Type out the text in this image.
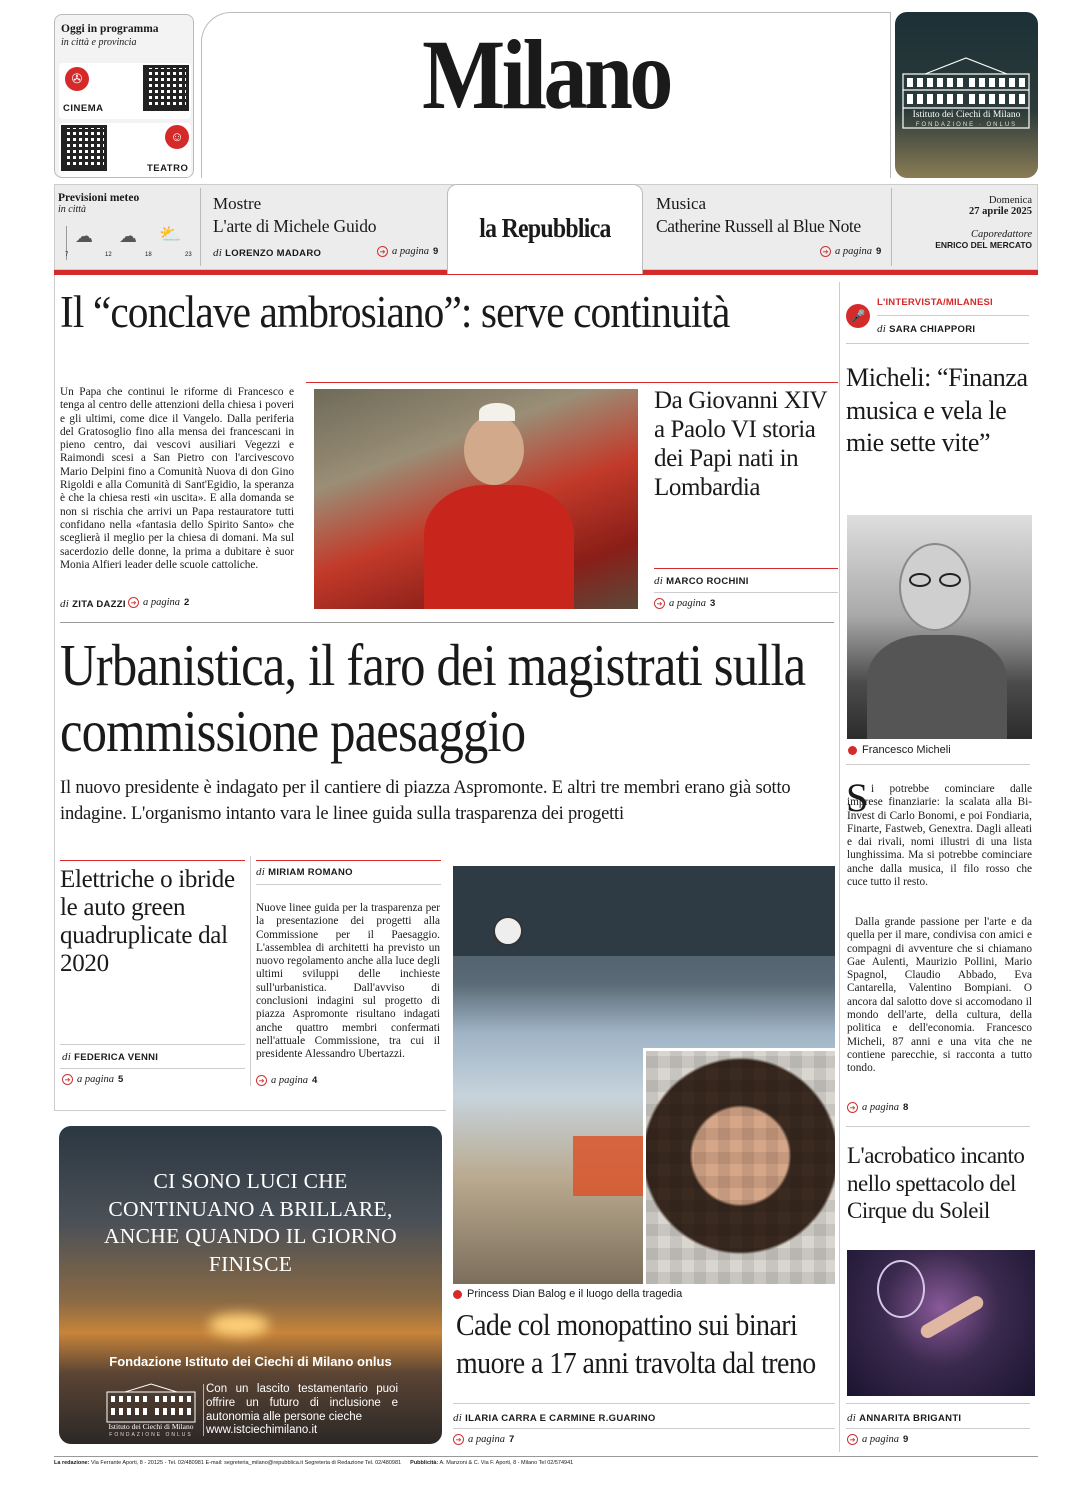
Oggi in programma
in città e provincia
✇
CINEMA
☺
TEATRO
Milano	Istituto dei Ciechi di Milano
FONDAZIONE · ONLUS
Previsioni meteo
in città
☁ ☁ ⛅
7	12	18	23
Mostre
L'arte di Michele Guido
di LORENZO MADARO	➔ a pagina 9
la Repubblica
Musica
Catherine Russell al Blue Note
➔ a pagina 9
Domenica
27 aprile 2025
Caporedattore
ENRICO DEL MERCATO
Il “conclave ambrosiano”: serve continuità
Un Papa che continui le riforme di Francesco e tenga al centro delle attenzioni della chiesa i poveri e gli ultimi, come dice il Vangelo. Dalla periferia del Gratosoglio fino alla mensa dei francescani in pieno centro, dai vescovi ausiliari Vegezzi e Raimondi scesi a San Pietro con l'arcivescovo Mario Delpini fino a Comunità Nuova di don Gino Rigoldi e alla Comunità di Sant'Egidio, la speranza è che la chiesa resti «in uscita». E alla domanda se non si rischia che arrivi un Papa restauratore tutti confidano nella «fantasia dello Spirito Santo» che sceglierà il meglio per la chiesa di domani. Ma sul sacerdozio delle donne, la prima a dubitare è suor Monia Alfieri leader delle scuole cattoliche.
di ZITA DAZZI ➔ a pagina 2
Da Giovanni XIV a Paolo VI storia dei Papi nati in Lombardia
di MARCO ROCHINI
➔ a pagina 3
Urbanistica, il faro dei magistrati sulla commissione paesaggio
Il nuovo presidente è indagato per il cantiere di piazza Aspromonte. E altri tre membri erano già sotto indagine. L'organismo intanto vara le linee guida sulla trasparenza dei progetti
Elettriche o ibride le auto green quadruplicate dal 2020
di FEDERICA VENNI
➔ a pagina 5
di MIRIAM ROMANO
Nuove linee guida per la trasparenza per la presentazione dei progetti alla Commissione per il Paesaggio. L'assemblea di architetti ha previsto un nuovo regolamento anche alla luce degli ultimi sviluppi delle inchieste sull'urbanistica. Dall'avviso di conclusioni indagini sul progetto di piazza Aspromonte risultano indagati anche quattro membri confermati nell'attuale Commissione, tra cui il presidente Alessandro Ubertazzi.
➔ a pagina 4
Princess Dian Balog e il luogo della tragedia
Cade col monopattino sui binari muore a 17 anni travolta dal treno
di ILARIA CARRA E CARMINE R.GUARINO
➔ a pagina 7
CI SONO LUCI CHE CONTINUANO A BRILLARE, ANCHE QUANDO IL GIORNO FINISCE
Fondazione Istituto dei Ciechi di Milano onlus
Istituto dei Ciechi di Milano
FONDAZIONE ONLUS
Con un lascito testamentario puoi offrire un futuro di inclusione e autonomia alle persone cieche
www.istciechimilano.it
🎤
L'INTERVISTA/MILANESI
di SARA CHIAPPORI
Micheli: “Finanza musica e vela le mie sette vite”
Francesco Micheli
S i potrebbe cominciare dalle imprese finanziarie: la scalata alla Bi-Invest di Carlo Bonomi, e poi Fondiaria, Finarte, Fastweb, Genextra. Dagli alleati e dai rivali, nomi illustri di una lista lunghissima. Ma si potrebbe cominciare anche dalla musica, il filo rosso che cuce tutto il resto.
Dalla grande passione per l'arte e da quella per il mare, condivisa con amici e compagni di avventure che si chiamano Gae Aulenti, Maurizio Pollini, Mario Spagnol, Claudio Abbado, Eva Cantarella, Valentino Bompiani. O ancora dal salotto dove si accomodano il mondo dell'arte, della cultura, della politica e dell'economia. Francesco Micheli, 87 anni e una vita che ne contiene parecchie, si racconta a tutto tondo.
➔ a pagina 8
L'acrobatico incanto nello spettacolo del Cirque du Soleil
di ANNARITA BRIGANTI
➔ a pagina 9
La redazione: Via Ferrante Aporti, 8 - 20125 - Tel. 02/480981 E-mail: segreteria_milano@repubblica.it Segreteria di Redazione Tel. 02/480981 Pubblicità: A. Manzoni & C. Via F. Aporti, 8 - Milano Tel 02/574941
